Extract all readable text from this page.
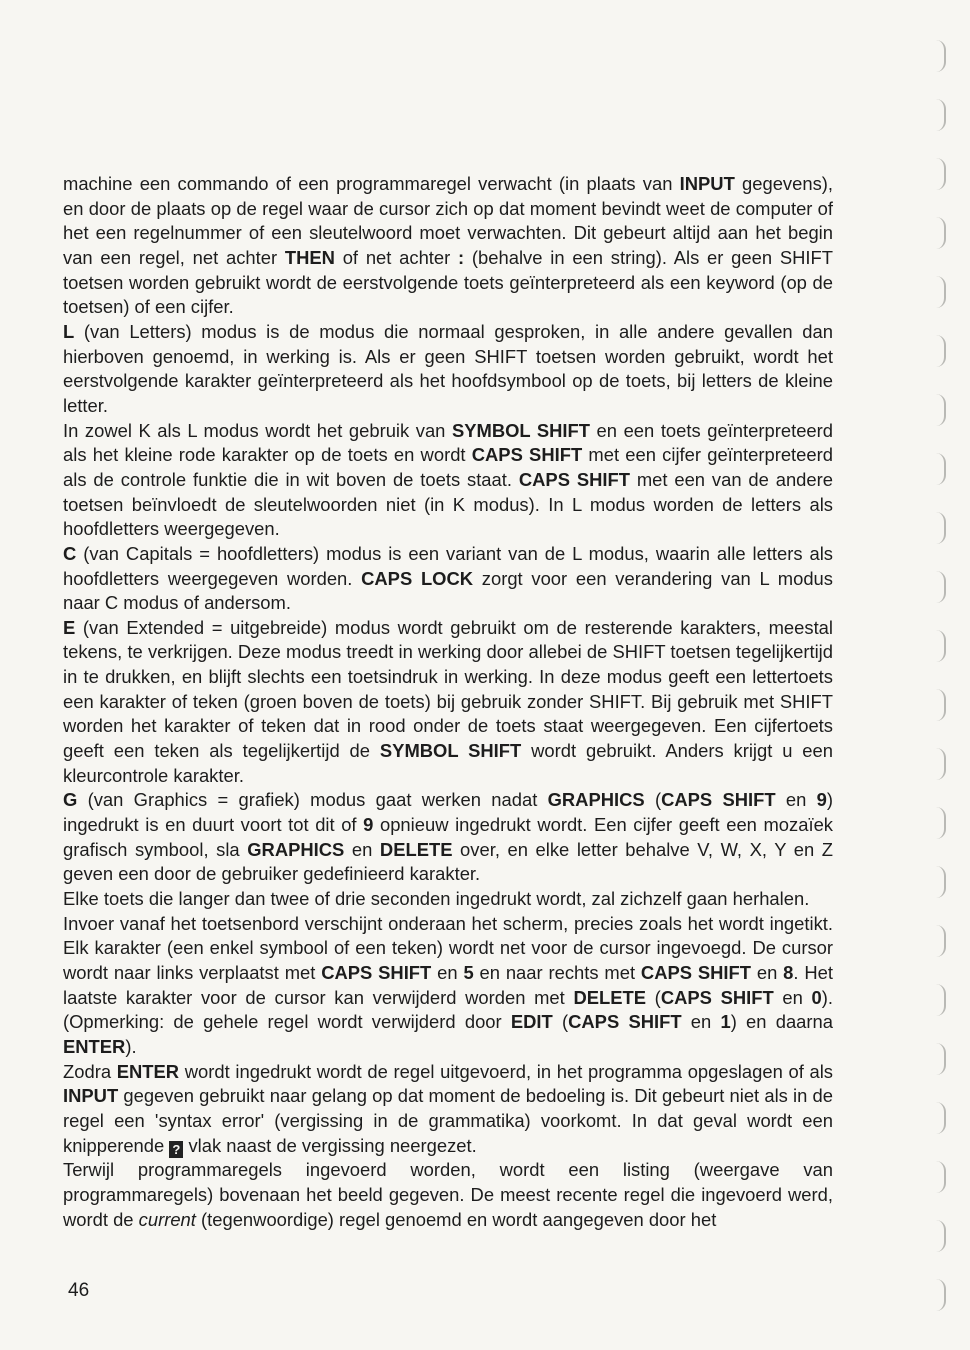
machine een commando of een programmaregel verwacht (in plaats van INPUT gegevens), en door de plaats op de regel waar de cursor zich op dat moment bevindt weet de computer of het een regelnummer of een sleutelwoord moet verwachten. Dit gebeurt altijd aan het begin van een regel, net achter THEN of net achter : (behalve in een string). Als er geen SHIFT toetsen worden gebruikt wordt de eerstvolgende toets geïnterpreteerd als een keyword (op de toetsen) of een cijfer.

L (van Letters) modus is de modus die normaal gesproken, in alle andere gevallen dan hierboven genoemd, in werking is. Als er geen SHIFT toetsen worden gebruikt, wordt het eerstvolgende karakter geïnterpreteerd als het hoofdsymbool op de toets, bij letters de kleine letter.

In zowel K als L modus wordt het gebruik van SYMBOL SHIFT en een toets geïnterpreteerd als het kleine rode karakter op de toets en wordt CAPS SHIFT met een cijfer geïnterpreteerd als de controle funktie die in wit boven de toets staat. CAPS SHIFT met een van de andere toetsen beïnvloedt de sleutelwoorden niet (in K modus). In L modus worden de letters als hoofdletters weergegeven.

C (van Capitals = hoofdletters) modus is een variant van de L modus, waarin alle letters als hoofdletters weergegeven worden. CAPS LOCK zorgt voor een verandering van L modus naar C modus of andersom.

E (van Extended = uitgebreide) modus wordt gebruikt om de resterende karakters, meestal tekens, te verkrijgen. Deze modus treedt in werking door allebei de SHIFT toetsen tegelijkertijd in te drukken, en blijft slechts een toetsindruk in werking. In deze modus geeft een lettertoets een karakter of teken (groen boven de toets) bij gebruik zonder SHIFT. Bij gebruik met SHIFT worden het karakter of teken dat in rood onder de toets staat weergegeven. Een cijfertoets geeft een teken als tegelijkertijd de SYMBOL SHIFT wordt gebruikt. Anders krijgt u een kleurcontrole karakter.

G (van Graphics = grafiek) modus gaat werken nadat GRAPHICS (CAPS SHIFT en 9) ingedrukt is en duurt voort tot dit of 9 opnieuw ingedrukt wordt. Een cijfer geeft een mozaïek grafisch symbool, sla GRAPHICS en DELETE over, en elke letter behalve V, W, X, Y en Z geven een door de gebruiker gedefinieerd karakter.

Elke toets die langer dan twee of drie seconden ingedrukt wordt, zal zichzelf gaan herhalen.

Invoer vanaf het toetsenbord verschijnt onderaan het scherm, precies zoals het wordt ingetikt. Elk karakter (een enkel symbool of een teken) wordt net voor de cursor ingevoegd. De cursor wordt naar links verplaatst met CAPS SHIFT en 5 en naar rechts met CAPS SHIFT en 8. Het laatste karakter voor de cursor kan verwijderd worden met DELETE (CAPS SHIFT en 0). (Opmerking: de gehele regel wordt verwijderd door EDIT (CAPS SHIFT en 1) en daarna ENTER).

Zodra ENTER wordt ingedrukt wordt de regel uitgevoerd, in het programma opgeslagen of als INPUT gegeven gebruikt naar gelang op dat moment de bedoeling is. Dit gebeurt niet als in de regel een 'syntax error' (vergissing in de grammatika) voorkomt. In dat geval wordt een knipperende ? vlak naast de vergissing neergezet.

Terwijl programmaregels ingevoerd worden, wordt een listing (weergave van programmaregels) bovenaan het beeld gegeven. De meest recente regel die ingevoerd werd, wordt de current (tegenwoordige) regel genoemd en wordt aangegeven door het

46
